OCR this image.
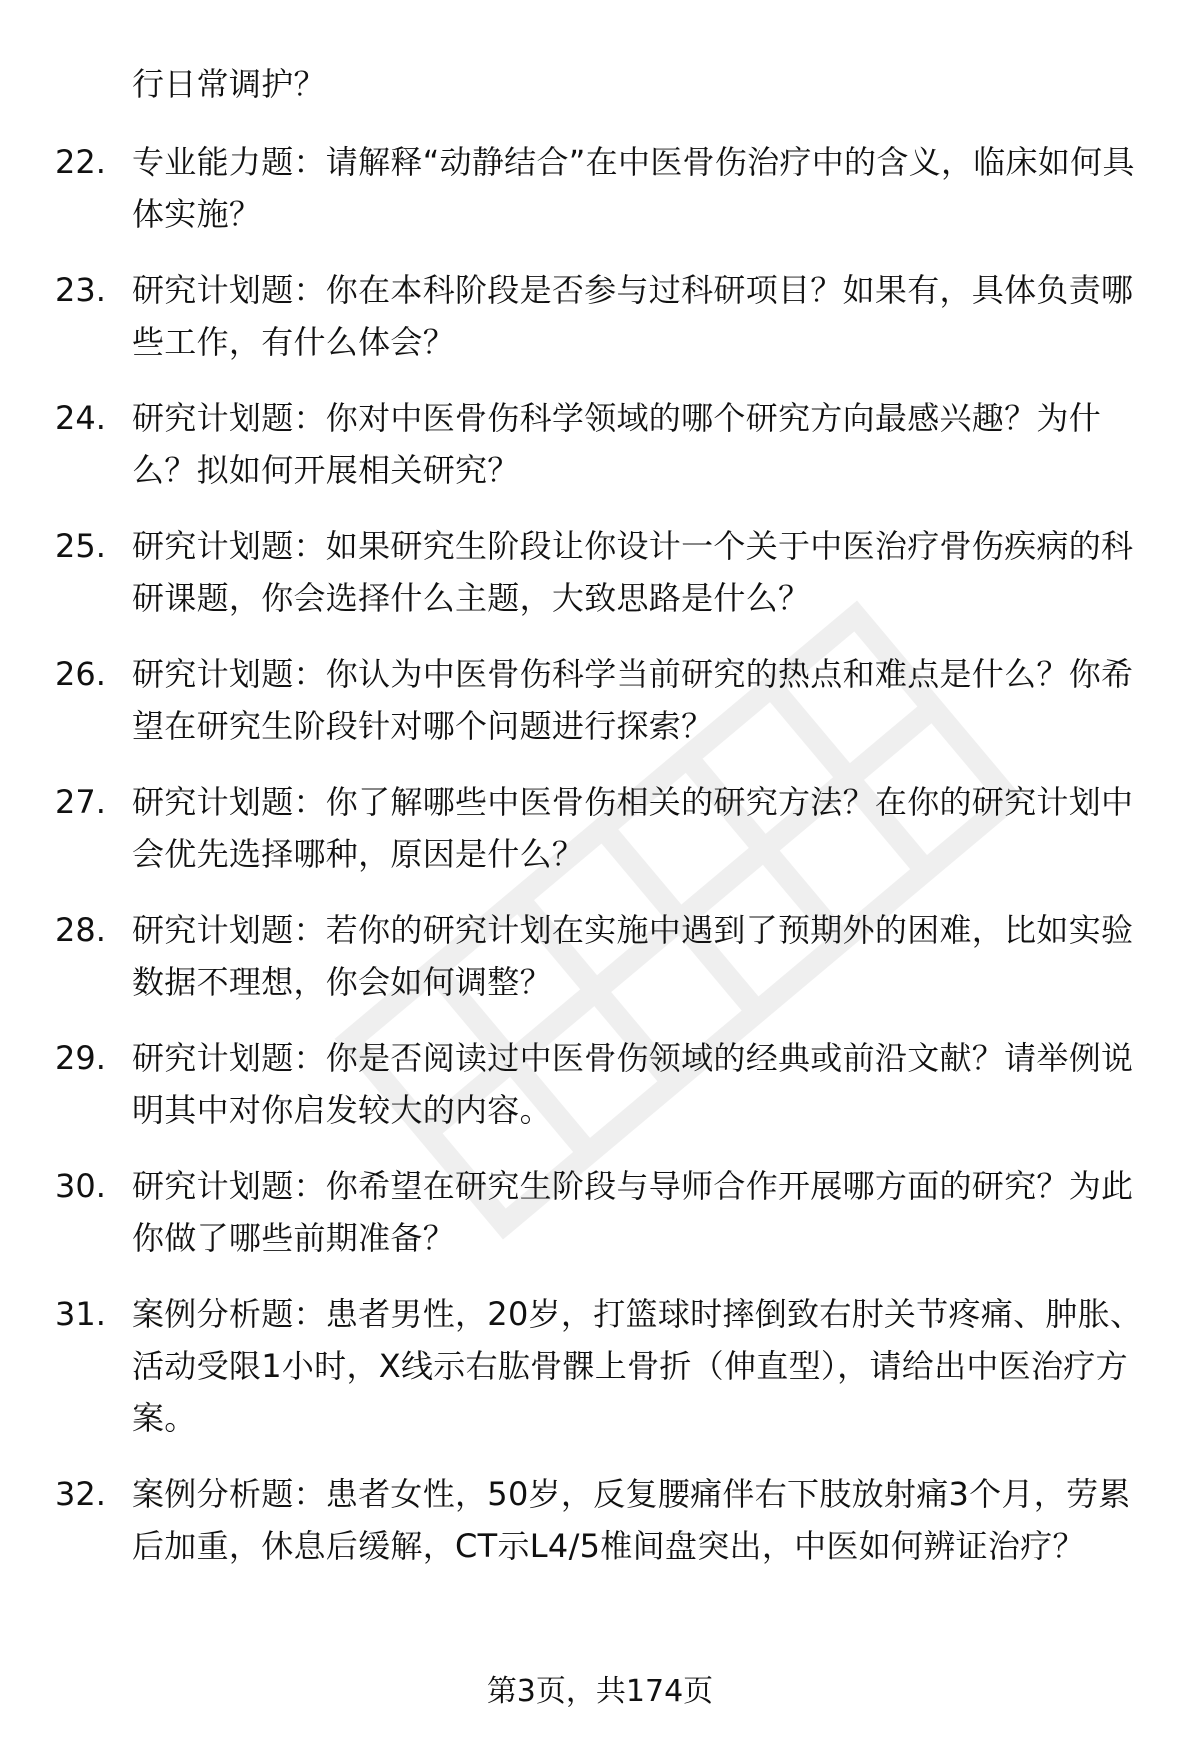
行日常调护？
22. 专业能力题：请解释“动静结合”在中医骨伤治疗中的含义，临床如何具体实施？
23. 研究计划题：你在本科阶段是否参与过科研项目？如果有，具体负责哪些工作，有什么体会？
24. 研究计划题：你对中医骨伤科学领域的哪个研究方向最感兴趣？为什么？拟如何开展相关研究？
25. 研究计划题：如果研究生阶段让你设计一个关于中医治疗骨伤疾病的科研课题，你会选择什么主题，大致思路是什么？
26. 研究计划题：你认为中医骨伤科学当前研究的热点和难点是什么？你希望在研究生阶段针对哪个问题进行探索？
27. 研究计划题：你了解哪些中医骨伤相关的研究方法？在你的研究计划中会优先选择哪种，原因是什么？
28. 研究计划题：若你的研究计划在实施中遇到了预期外的困难，比如实验数据不理想，你会如何调整？
29. 研究计划题：你是否阅读过中医骨伤领域的经典或前沿文献？请举例说明其中对你启发较大的内容。
30. 研究计划题：你希望在研究生阶段与导师合作开展哪方面的研究？为此你做了哪些前期准备？
31. 案例分析题：患者男性，20岁，打篮球时摔倒致右肘关节疼痛、肿胀、活动受限1小时，X线示右肱骨髁上骨折（伸直型），请给出中医治疗方案。
32. 案例分析题：患者女性，50岁，反复腰痛伴右下肢放射痛3个月，劳累后加重，休息后缓解，CT示L4/5椎间盘突出，中医如何辨证治疗？
第3页，共174页
